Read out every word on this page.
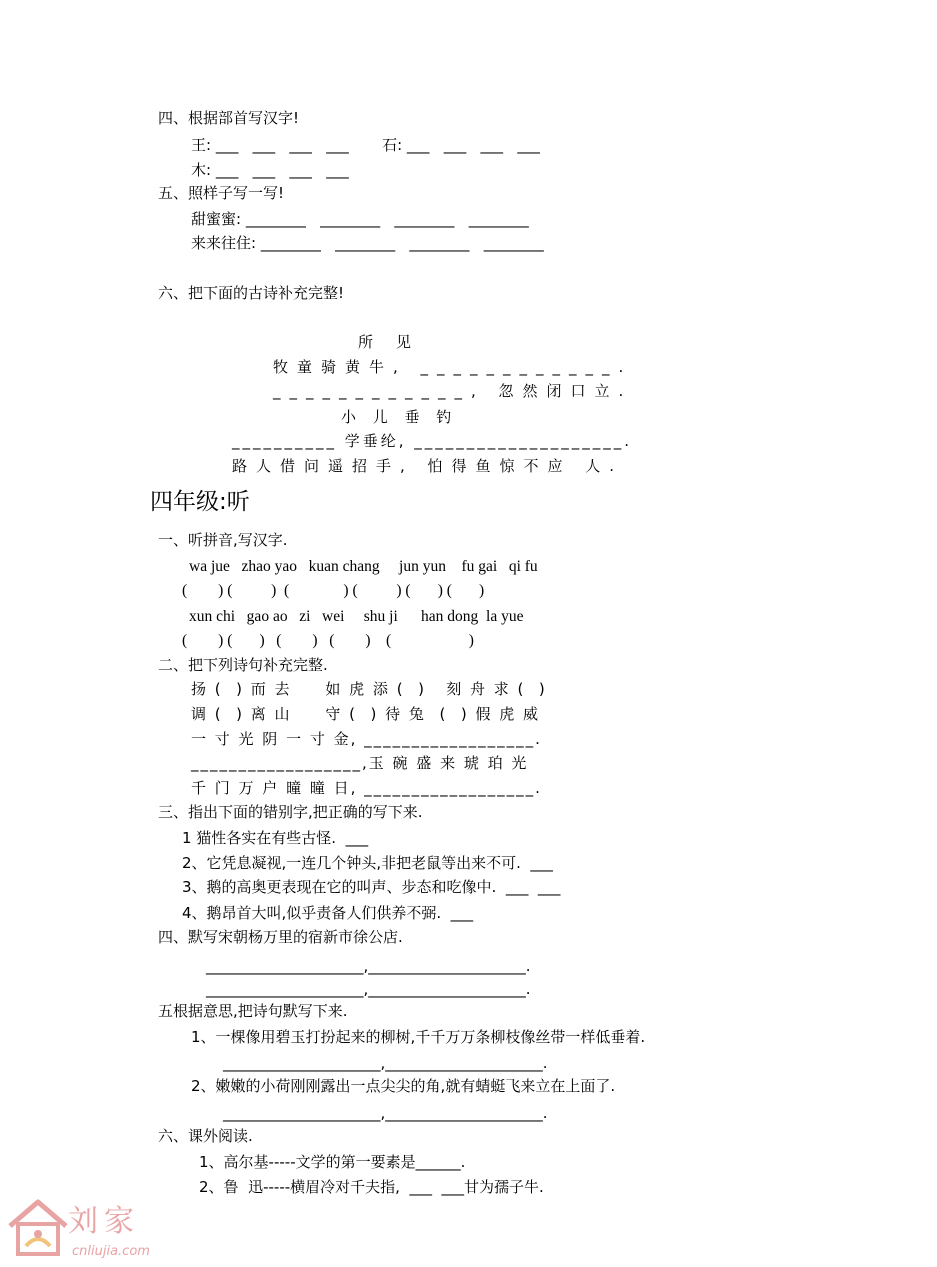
四、根据部首写汉字!
王: ___   ___   ___   ___       石: ___   ___   ___   ___
木: ___   ___   ___   ___
五、照样子写一写!
甜蜜蜜: ________   ________   ________   ________
来来往住: ________   ________   ________   ________
六、把下面的古诗补充完整!
所　见
牧童骑黄牛, ____________.
____________, 忽然闭口立.
小 儿 垂 钓
__________ 学垂纶, ____________________.
路人借问遥招手, 怕得鱼惊不应 人.
四年级:听
一、听拼音,写汉字.
wa jue   zhao yao   kuan chang     jun yun    fu gai   qi fu
(        ) (          )  (              ) (          ) (       ) (       )
xun chi   gao ao   zi   wei     shu ji      han dong  la yue
(        ) (       )   (        )   (        )    (                    )
二、把下列诗句补充完整.
扬 (  ) 而 去     如 虎 添 (  )   刻 舟 求 (  )
调 (  ) 离 山     守 (  ) 待 兔  (  ) 假 虎 威
一 寸 光 阴 一 寸 金, __________________.
__________________,玉 碗 盛 来 琥 珀 光
千 门 万 户 曈 曈 日, __________________.
三、指出下面的错别字,把正确的写下来.
1 猫性各实在有些古怪.  ___
2、它凭息凝视,一连几个钟头,非把老鼠等出来不可.  ___
3、鹅的高奥更表现在它的叫声、步态和吃像中.  ___  ___
4、鹅昂首大叫,似乎责备人们供养不弼.  ___
四、默写宋朝杨万里的宿新市徐公店.
_____________________,_____________________.
_____________________,_____________________.
五根据意思,把诗句默写下来.
1、一棵像用碧玉打扮起来的柳树,千千万万条柳枝像丝带一样低垂着.
_____________________,_____________________.
2、嫩嫩的小荷刚刚露出一点尖尖的角,就有蜻蜓飞来立在上面了.
_____________________,_____________________.
六、课外阅读.
1、高尔基-----文学的第一要素是______.
2、鲁  迅-----横眉冷对千夫指,  ___  ___甘为孺子牛.
刘家
cnliujia.com
